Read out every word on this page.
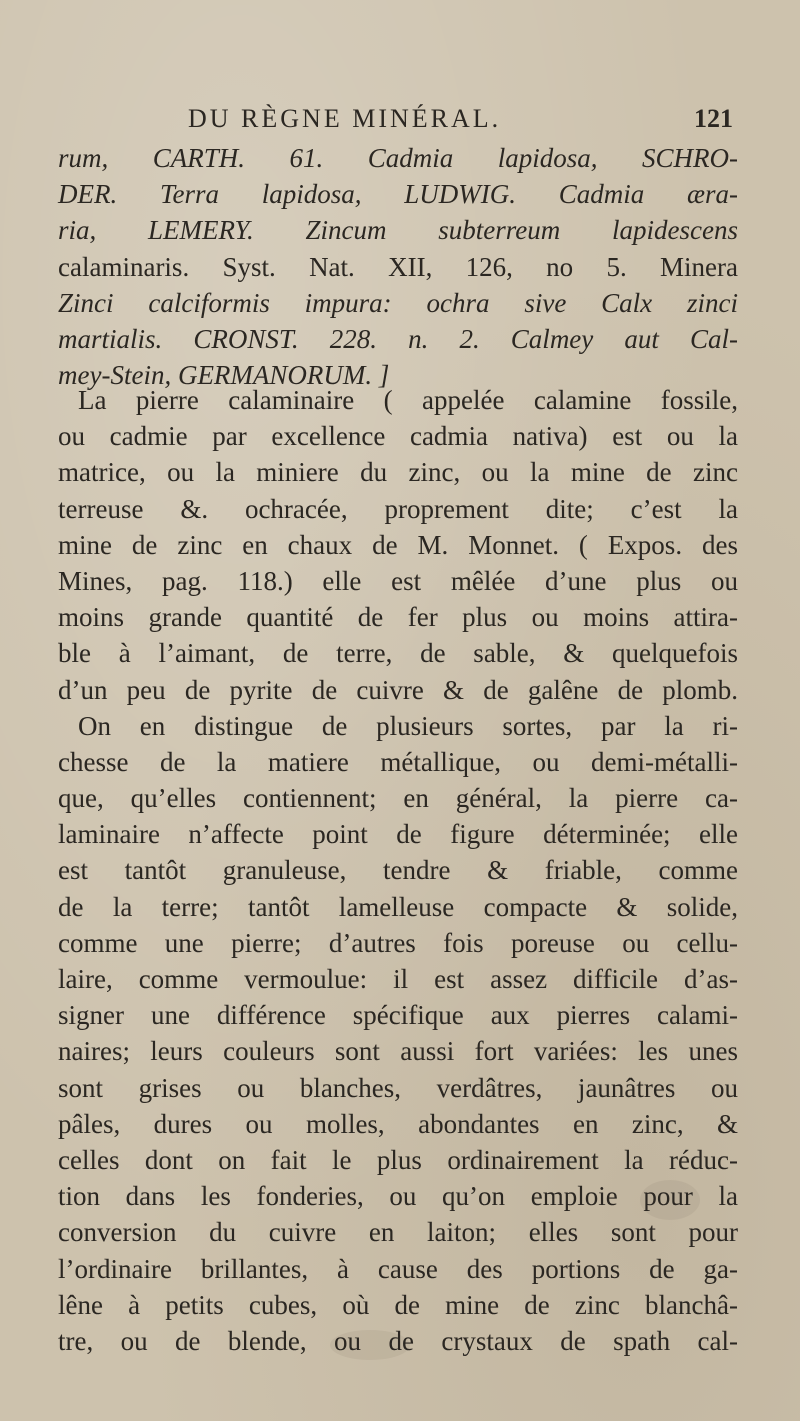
DU RÈGNE MINÉRAL.	121
rum, CARTH. 61. Cadmia lapidosa, SCHRO-
DER. Terra lapidosa, LUDWIG. Cadmia æra-
ria, LEMERY. Zincum subterreum lapidescens
calaminaris. Syst. Nat. XII, 126, no 5. Minera
Zinci calciformis impura: ochra sive Calx zinci
martialis. CRONST. 228. n. 2. Calmey aut Cal-
mey-Stein, GERMANORUM. ]
La pierre calaminaire ( appelée calamine fossile,
ou cadmie par excellence cadmia nativa) est ou la
matrice, ou la miniere du zinc, ou la mine de zinc
terreuse &. ochracée, proprement dite; c’est la
mine de zinc en chaux de M. Monnet. ( Expos. des
Mines, pag. 118.) elle est mêlée d’une plus ou
moins grande quantité de fer plus ou moins attira-
ble à l’aimant, de terre, de sable, & quelquefois
d’un peu de pyrite de cuivre & de galêne de plomb.
On en distingue de plusieurs sortes, par la ri-
chesse de la matiere métallique, ou demi-métalli-
que, qu’elles contiennent; en général, la pierre ca-
laminaire n’affecte point de figure déterminée; elle
est tantôt granuleuse, tendre & friable, comme
de la terre; tantôt lamelleuse compacte & solide,
comme une pierre; d’autres fois poreuse ou cellu-
laire, comme vermoulue: il est assez difficile d’as-
signer une différence spécifique aux pierres calami-
naires; leurs couleurs sont aussi fort variées: les unes
sont grises ou blanches, verdâtres, jaunâtres ou
pâles, dures ou molles, abondantes en zinc, &
celles dont on fait le plus ordinairement la réduc-
tion dans les fonderies, ou qu’on emploie pour la
conversion du cuivre en laiton; elles sont pour
l’ordinaire brillantes, à cause des portions de ga-
lêne à petits cubes, où de mine de zinc blanchâ-
tre, ou de blende, ou de crystaux de spath cal-
